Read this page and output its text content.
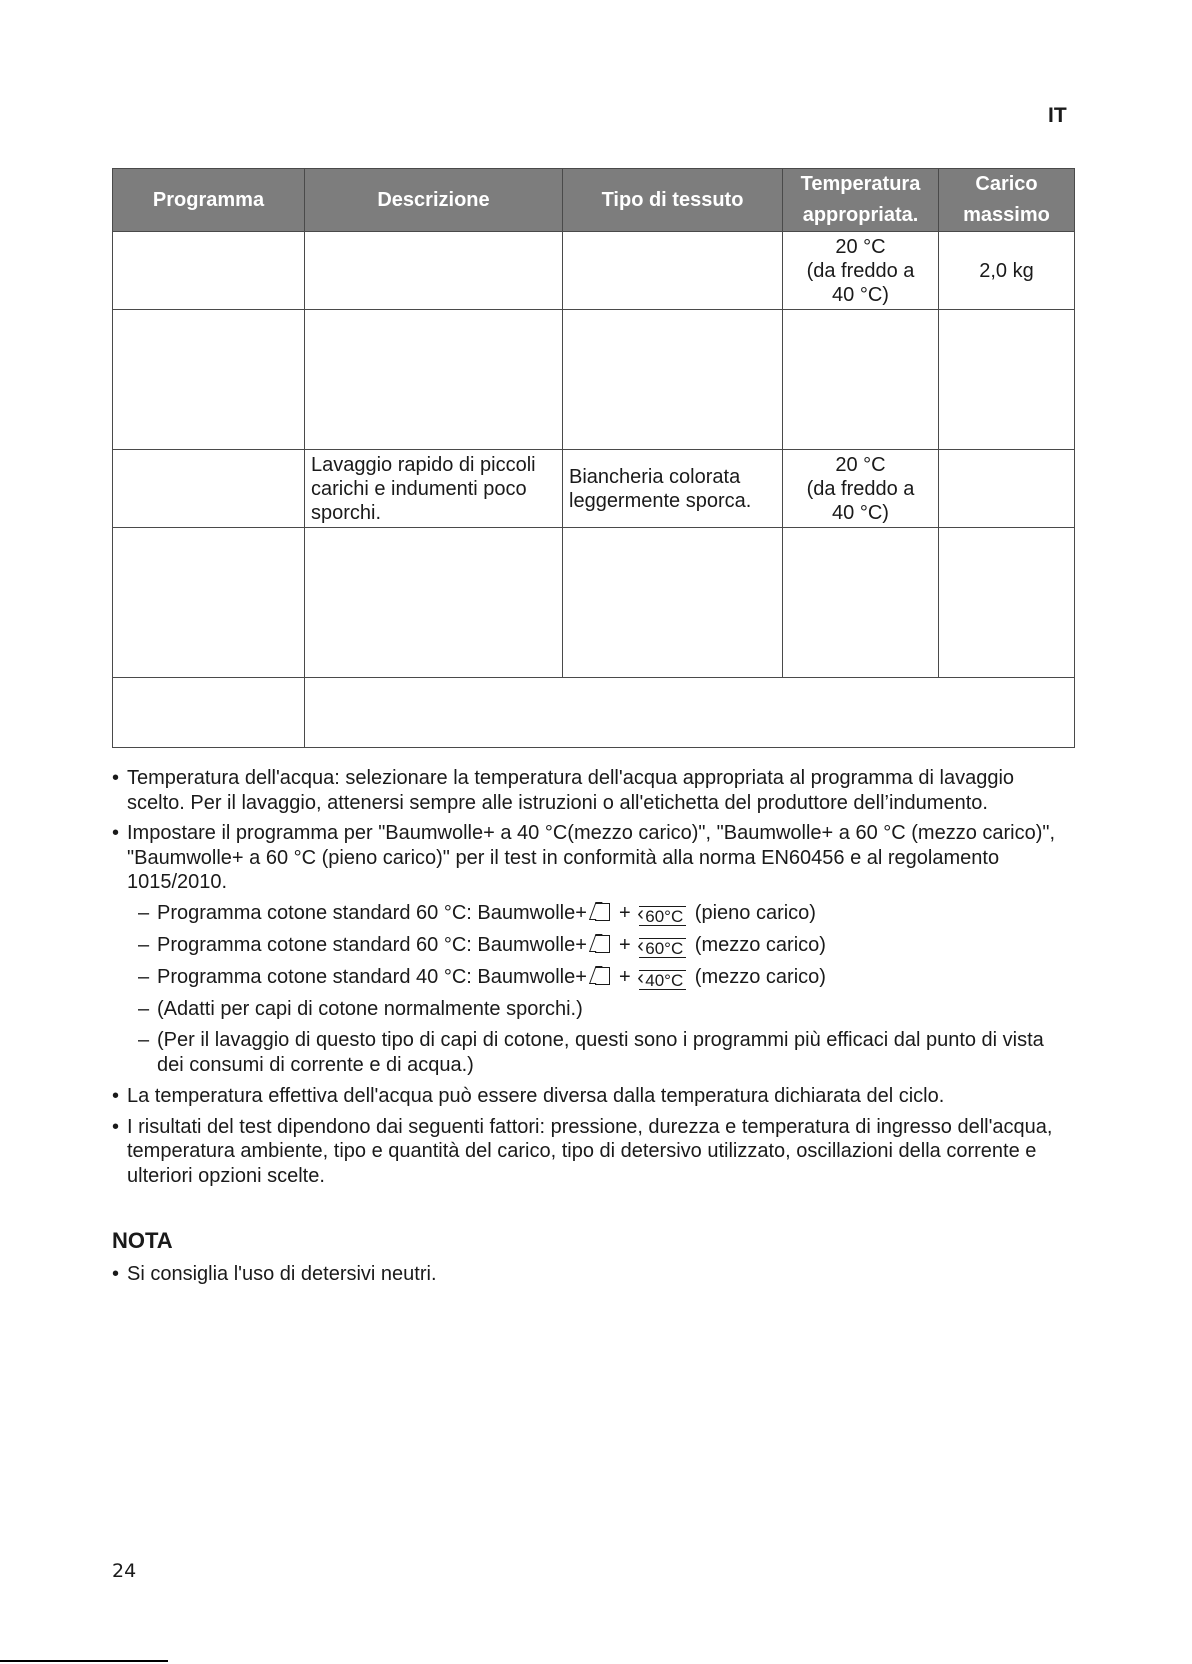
IT
Programma	Descrizione	Tipo di tessuto	Temperatura appropriata.	Carico massimo

			20 °C
(da freddo a
40 °C)	2,0 kg

	Lavaggio rapido di piccoli carichi e indumenti poco sporchi.	Biancheria colorata leggermente sporca.	20 °C
(da freddo a
40 °C)	

• Temperatura dell'acqua: selezionare la temperatura dell'acqua appropriata al programma di lavaggio scelto. Per il lavaggio, attenersi sempre alle istruzioni o all'etichetta del produttore dell’indumento.
• Impostare il programma per "Baumwolle+ a 40 °C(mezzo carico)", "Baumwolle+ a 60 °C (mezzo carico)", "Baumwolle+ a 60 °C (pieno carico)" per il test in conformità alla norma EN60456 e al regolamento 1015/2010.
– Programma cotone standard 60 °C: Baumwolle+  + ‹ 60°C (pieno carico)
– Programma cotone standard 60 °C: Baumwolle+  + ‹ 60°C (mezzo carico)
– Programma cotone standard 40 °C: Baumwolle+  + ‹ 40°C (mezzo carico)
– (Adatti per capi di cotone normalmente sporchi.)
– (Per il lavaggio di questo tipo di capi di cotone, questi sono i programmi più efficaci dal punto di vista dei consumi di corrente e di acqua.)
• La temperatura effettiva dell'acqua può essere diversa dalla temperatura dichiarata del ciclo.
• I risultati del test dipendono dai seguenti fattori: pressione, durezza e temperatura di ingresso dell'acqua, temperatura ambiente, tipo e quantità del carico, tipo di detersivo utilizzato, oscillazioni della corrente e ulteriori opzioni scelte.
NOTA
• Si consiglia l'uso di detersivi neutri.
24
